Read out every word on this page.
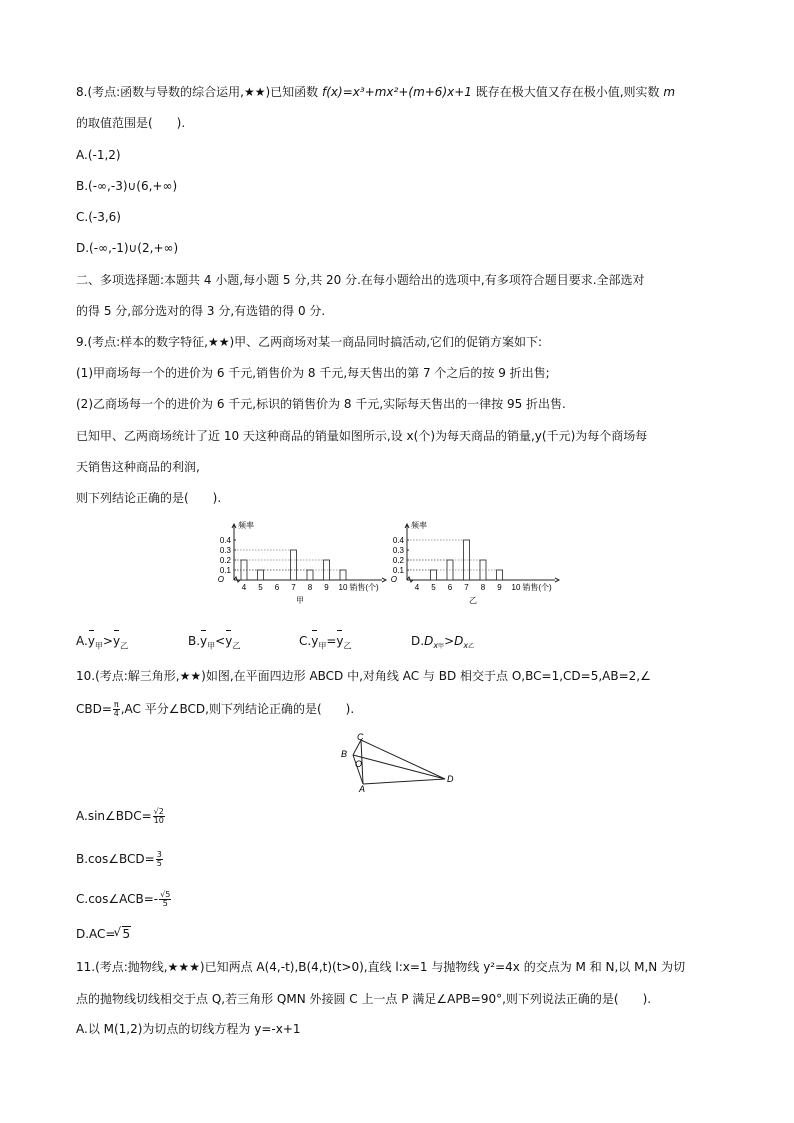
8.(考点:函数与导数的综合运用,★★)已知函数 f(x)=x³+mx²+(m+6)x+1 既存在极大值又存在极小值,则实数 m
的取值范围是(　　).
A.(-1,2)
B.(-∞,-3)∪(6,+∞)
C.(-3,6)
D.(-∞,-1)∪(2,+∞)
二、多项选择题:本题共 4 小题,每小题 5 分,共 20 分.在每小题给出的选项中,有多项符合题目要求.全部选对
的得 5 分,部分选对的得 3 分,有选错的得 0 分.
9.(考点:样本的数字特征,★★)甲、乙两商场对某一商品同时搞活动,它们的促销方案如下:
(1)甲商场每一个的进价为 6 千元,销售价为 8 千元,每天售出的第 7 个之后的按 9 折出售;
(2)乙商场每一个的进价为 6 千元,标识的销售价为 8 千元,实际每天售出的一律按 95 折出售.
已知甲、乙两商场统计了近 10 天这种商品的销量如图所示,设 x(个)为每天商品的销量,y(千元)为每个商场每
天销售这种商品的利润,
则下列结论正确的是(　　).
0.4
0.3
0.2
0.1
4 5 6 7 8 9 10
O
频率
销售(个)
甲
0.4
0.3
0.2
0.1
4 5 6 7 8 9 10
O
频率
销售(个)
乙
$A.y_甲>y_乙$	$B.y_甲<y_乙$	$C.y_甲=y_乙$	$D.D_{x甲}>D_{x乙}$
10.(考点:解三角形,★★)如图,在平面四边形 ABCD 中,对角线 AC 与 BD 相交于点 O,BC=1,CD=5,AB=2,∠
$CBD= \frac{\pi}{4} ,AC$ 平分∠BCD,则下列结论正确的是(　　).
C
B
O
A
D
A.sin∠BDC= $\frac{√2}{10}$
B.cos∠BCD= $\frac{3}{5}$
C.cos∠ACB=- $\frac{√5}{5}$
D.AC=√ 5
11.(考点:抛物线,★★★)已知两点 A(4,-t),B(4,t)(t>0),直线 l:x=1 与抛物线 y²=4x 的交点为 M 和 N,以 M,N 为切
点的抛物线切线相交于点 Q,若三角形 QMN 外接圆 C 上一点 P 满足∠APB=90°,则下列说法正确的是(　　).
A.以 M(1,2)为切点的切线方程为 y=-x+1
